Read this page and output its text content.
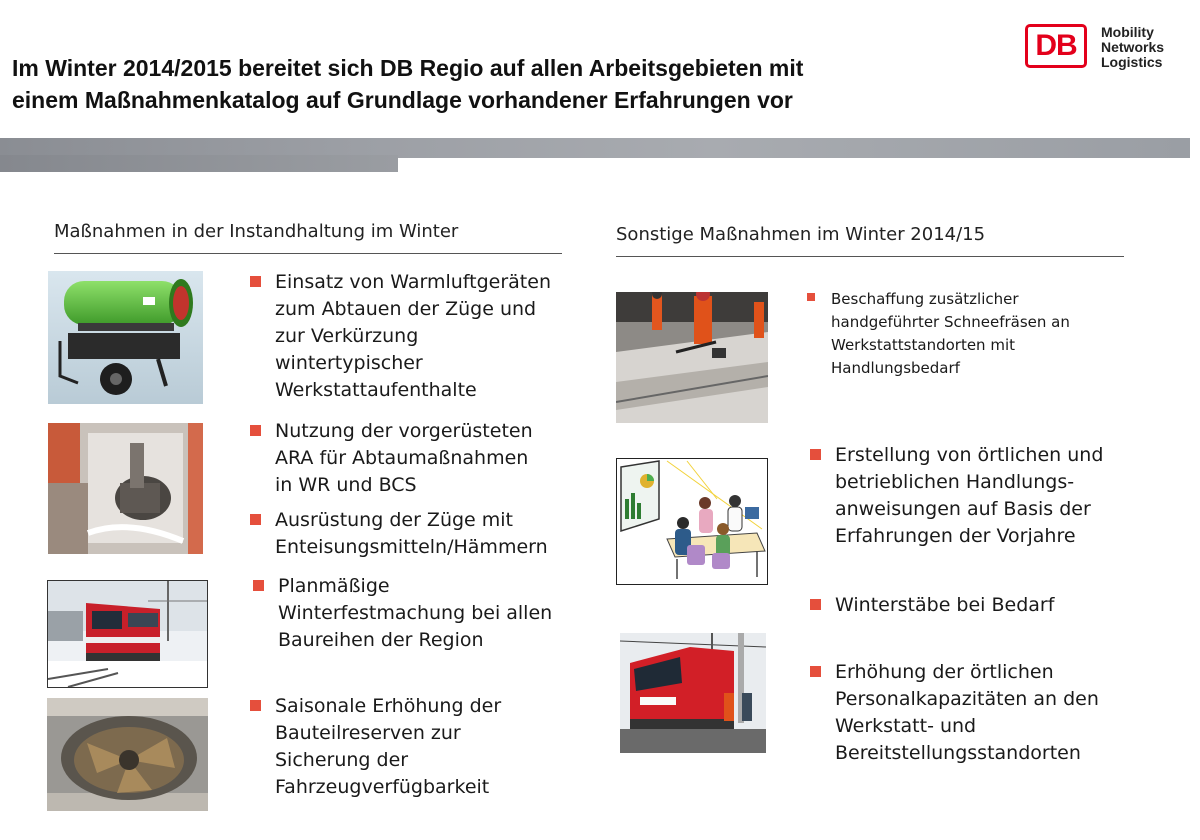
Im Winter 2014/2015 bereitet sich DB Regio auf allen Arbeitsgebieten mit
einem Maßnahmenkatalog auf Grundlage vorhandener Erfahrungen vor
DB Mobility
Networks
Logistics
Maßnahmen in der Instandhaltung im Winter	Sonstige Maßnahmen im Winter 2014/15
Einsatz von Warmluftgeräten
zum Abtauen der Züge und
zur Verkürzung
wintertypischer
Werkstattaufenthalte
Nutzung der vorgerüsteten
ARA für Abtaumaßnahmen
in WR und BCS
Ausrüstung der Züge mit
Enteisungsmitteln/Hämmern
Planmäßige
Winterfestmachung bei allen
Baureihen der Region
Saisonale Erhöhung der
Bauteilreserven zur
Sicherung der
Fahrzeugverfügbarkeit
Beschaffung zusätzlicher
handgeführter Schneefräsen an
Werkstattstandorten mit
Handlungsbedarf
Erstellung von örtlichen und
betrieblichen Handlungs-
anweisungen auf Basis der
Erfahrungen der Vorjahre
Winterstäbe bei Bedarf
Erhöhung der örtlichen
Personalkapazitäten an den
Werkstatt- und
Bereitstellungsstandorten
